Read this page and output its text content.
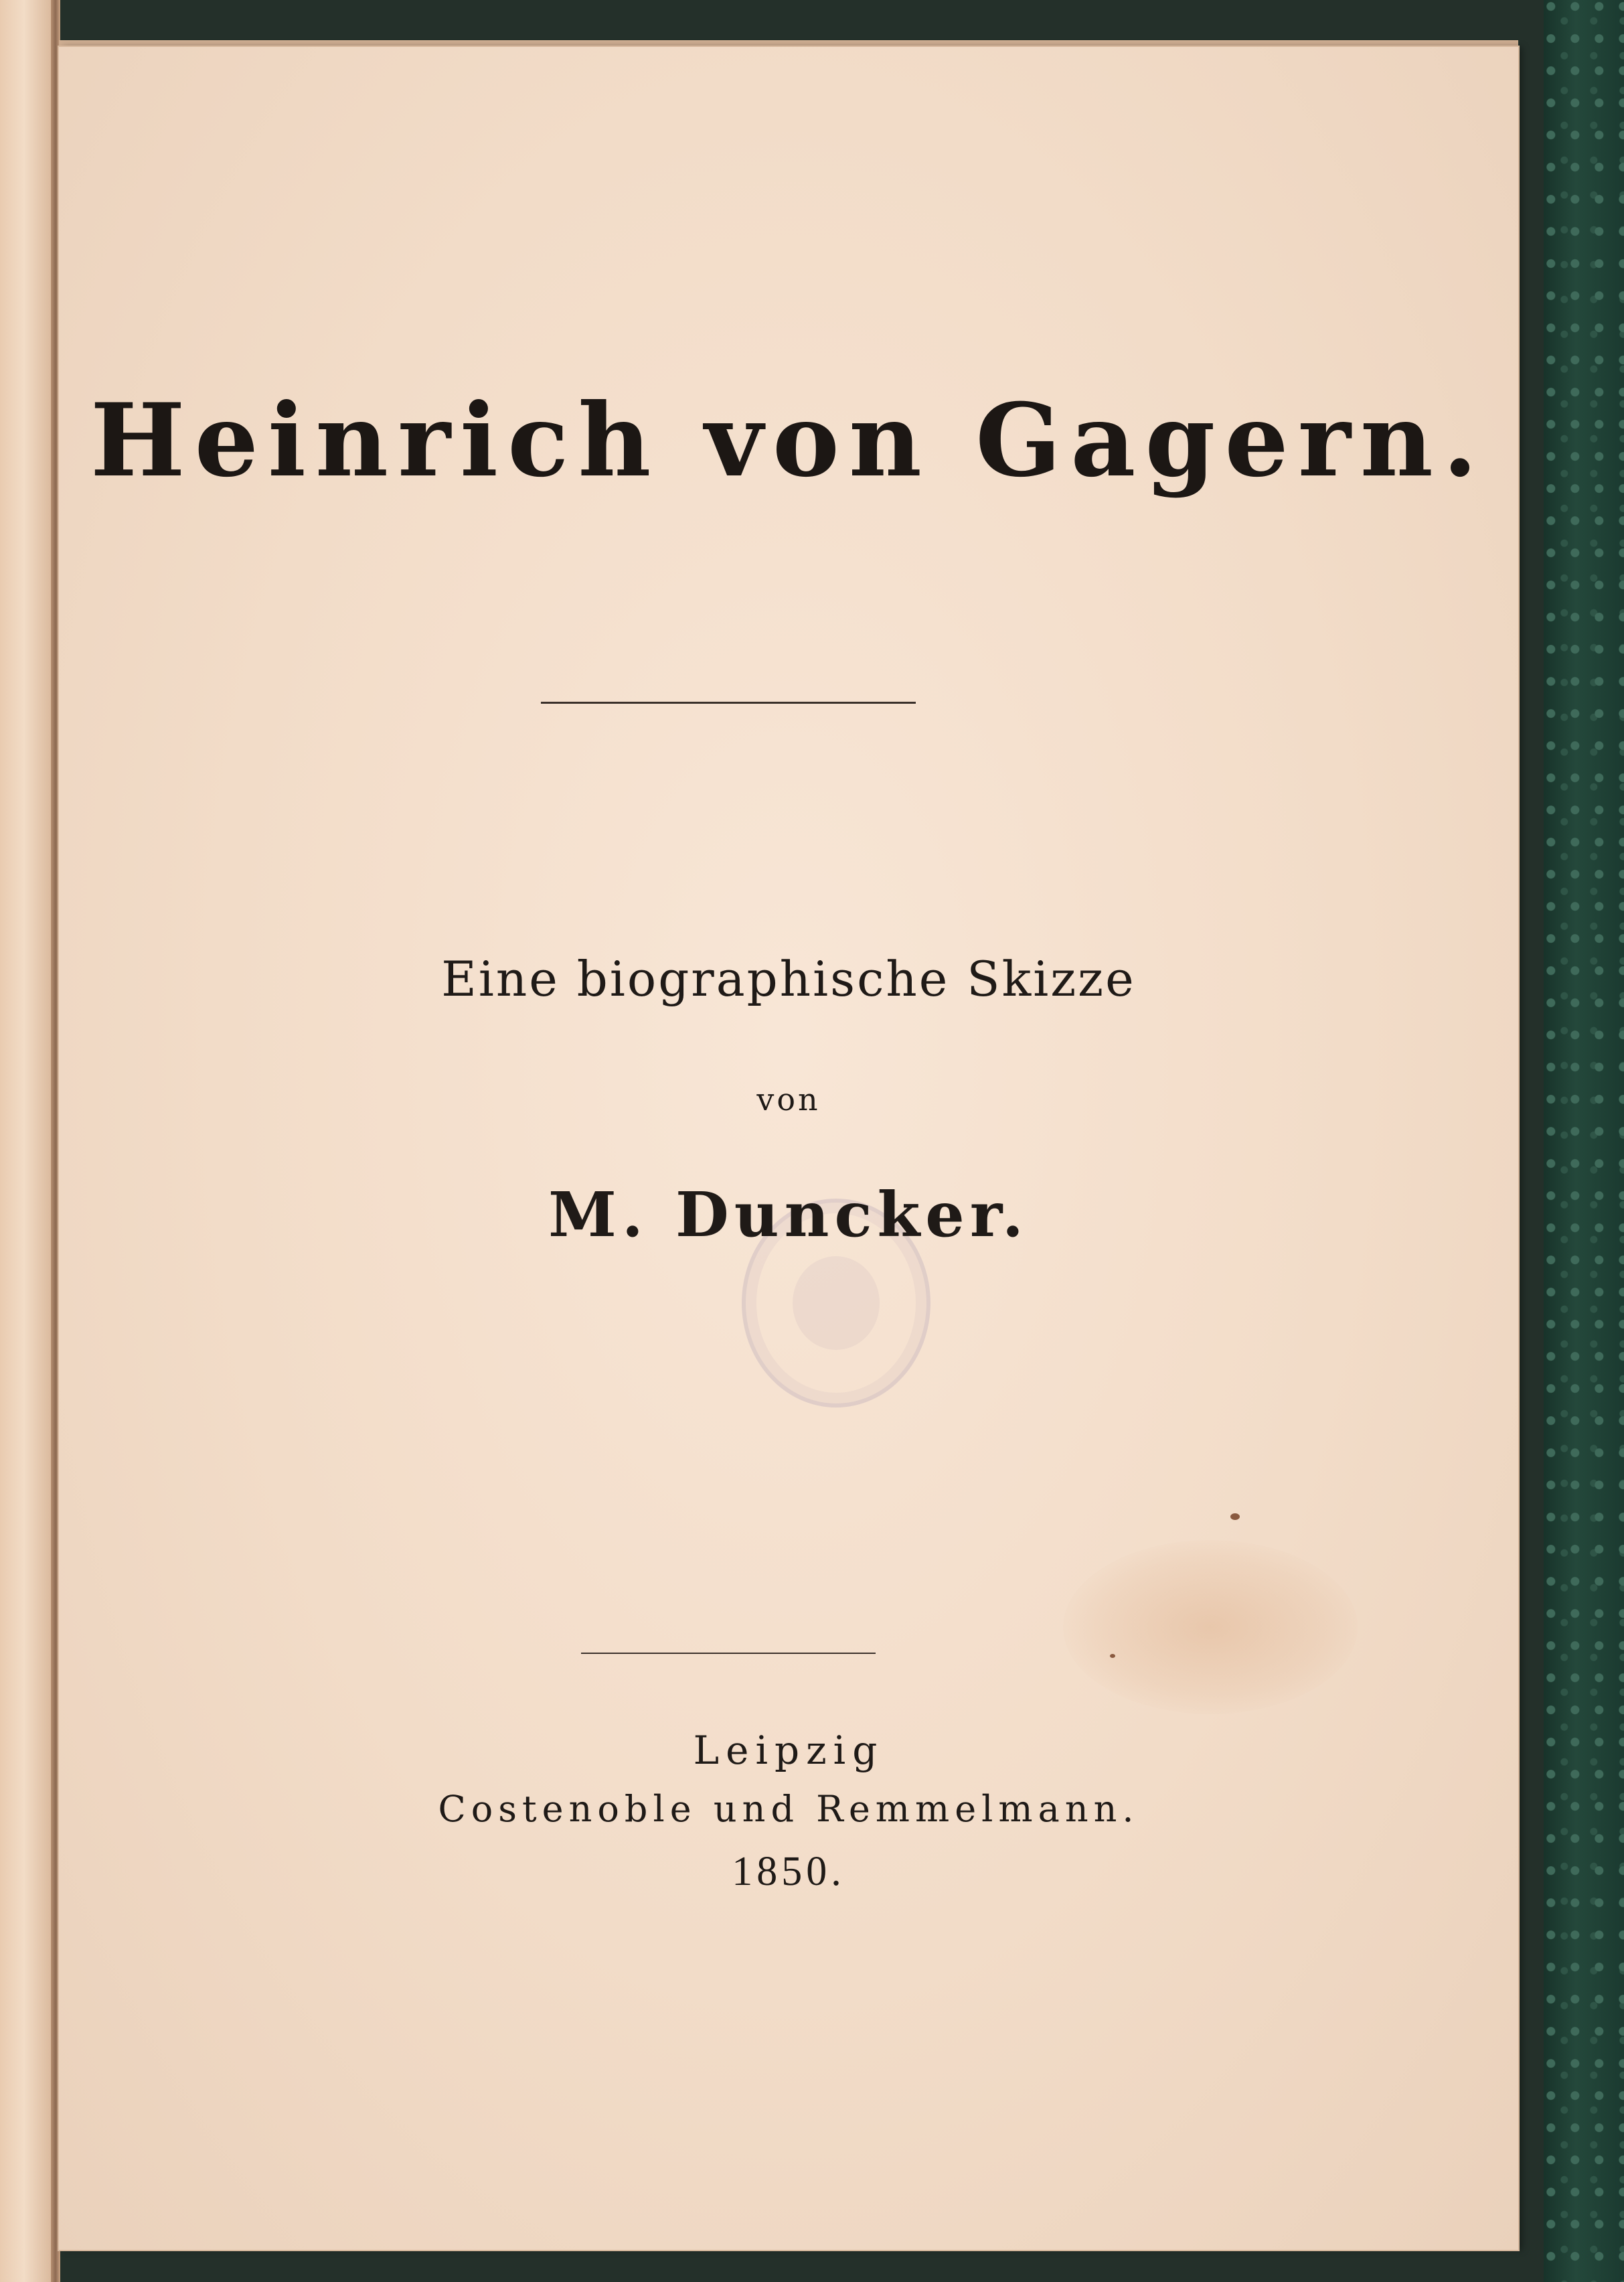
Heinrich von Gagern.
Eine biographische Skizze
von
M. Duncker.
Leipzig
Costenoble und Remmelmann.
1850.
